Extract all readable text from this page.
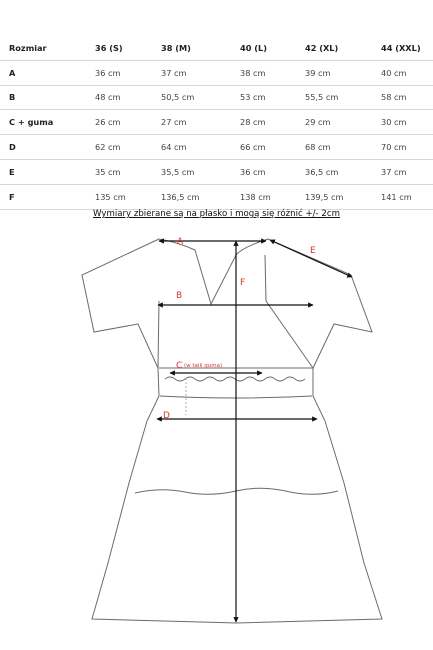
Rozmiar	36 (S)	38 (M)	40 (L)	42 (XL)	44 (XXL)
A	36 cm	37 cm	38 cm	39 cm	40 cm
B	48 cm	50,5 cm	53 cm	55,5 cm	58 cm
C + guma	26 cm	27 cm	28 cm	29 cm	30 cm
D	62 cm	64 cm	66 cm	68 cm	70 cm
E	35 cm	35,5 cm	36 cm	36,5 cm	37 cm
F	135 cm	136,5 cm	138 cm	139,5 cm	141 cm
Wymiary zbierane są na płasko i mogą się różnić +/- 2cm
A
F
B
E
C (w talii guma)
D
